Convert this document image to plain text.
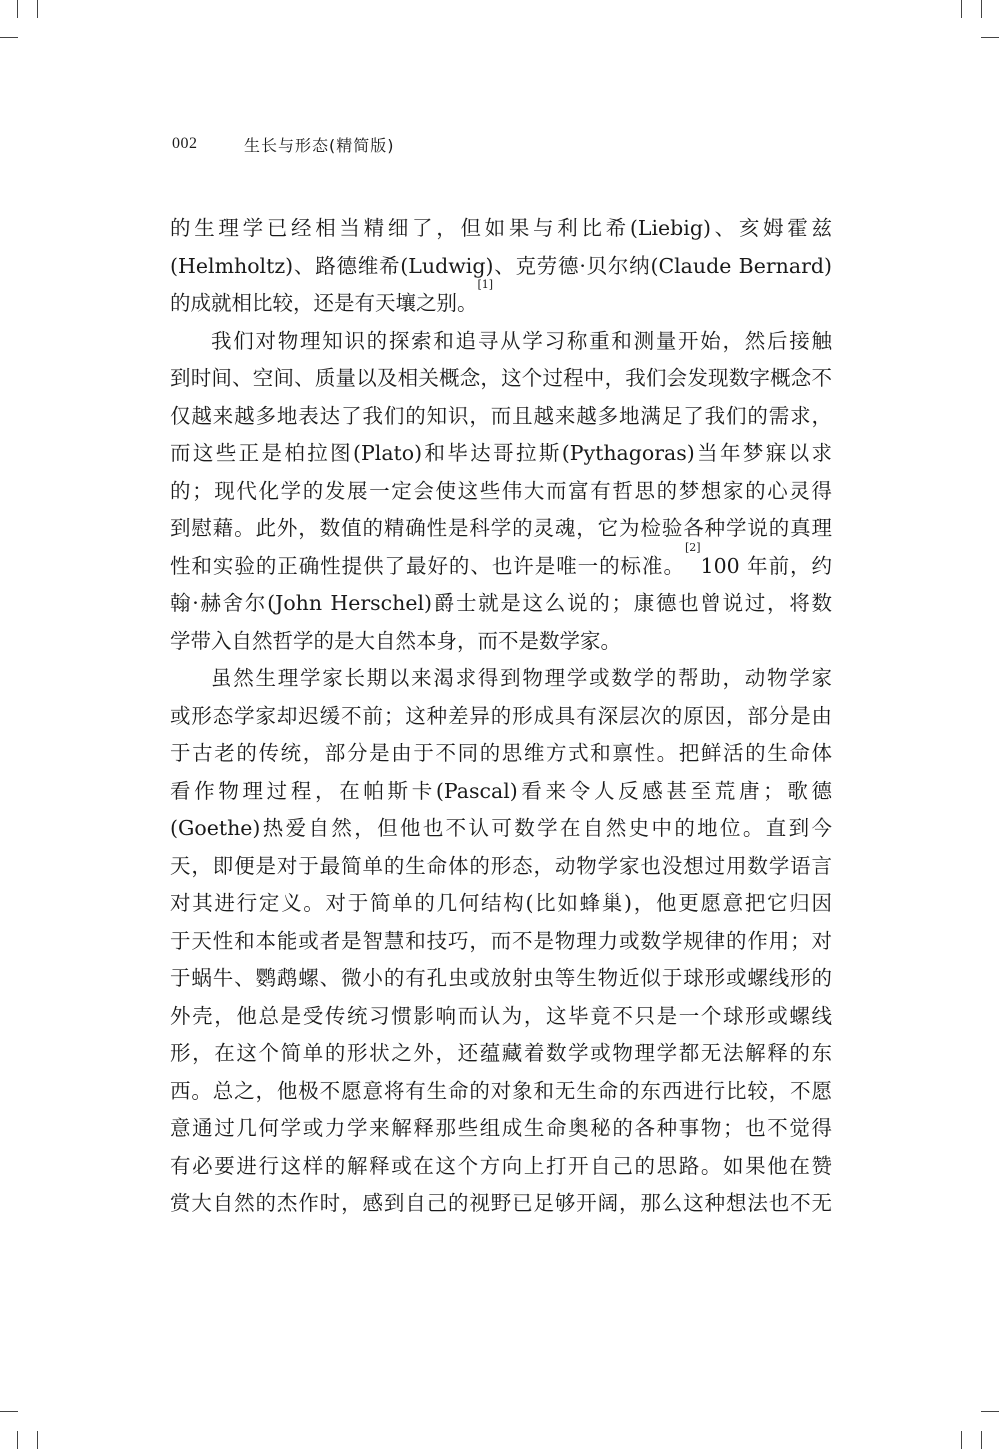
002	生长与形态(精简版)
的生理学已经相当精细了，但如果与利比希(Liebig)、亥姆霍兹
(Helmholtz)、路德维希(Ludwig)、克劳德·贝尔纳(Claude Bernard)
的成就相比较，还是有天壤之别。[1]
我们对物理知识的探索和追寻从学习称重和测量开始，然后接触
到时间、空间、质量以及相关概念，这个过程中，我们会发现数字概念不
仅越来越多地表达了我们的知识，而且越来越多地满足了我们的需求，
而这些正是柏拉图(Plato)和毕达哥拉斯(Pythagoras)当年梦寐以求
的；现代化学的发展一定会使这些伟大而富有哲思的梦想家的心灵得
到慰藉。此外，数值的精确性是科学的灵魂，它为检验各种学说的真理
性和实验的正确性提供了最好的、也许是唯一的标准。[2]100 年前，约
翰·赫舍尔(John Herschel)爵士就是这么说的；康德也曾说过，将数
学带入自然哲学的是大自然本身，而不是数学家。
虽然生理学家长期以来渴求得到物理学或数学的帮助，动物学家
或形态学家却迟缓不前；这种差异的形成具有深层次的原因，部分是由
于古老的传统，部分是由于不同的思维方式和禀性。把鲜活的生命体
看作物理过程，在帕斯卡(Pascal)看来令人反感甚至荒唐；歌德
(Goethe)热爱自然，但他也不认可数学在自然史中的地位。直到今
天，即便是对于最简单的生命体的形态，动物学家也没想过用数学语言
对其进行定义。对于简单的几何结构(比如蜂巢)，他更愿意把它归因
于天性和本能或者是智慧和技巧，而不是物理力或数学规律的作用；对
于蜗牛、鹦鹉螺、微小的有孔虫或放射虫等生物近似于球形或螺线形的
外壳，他总是受传统习惯影响而认为，这毕竟不只是一个球形或螺线
形，在这个简单的形状之外，还蕴藏着数学或物理学都无法解释的东
西。总之，他极不愿意将有生命的对象和无生命的东西进行比较，不愿
意通过几何学或力学来解释那些组成生命奥秘的各种事物；也不觉得
有必要进行这样的解释或在这个方向上打开自己的思路。如果他在赞
赏大自然的杰作时，感到自己的视野已足够开阔，那么这种想法也不无
